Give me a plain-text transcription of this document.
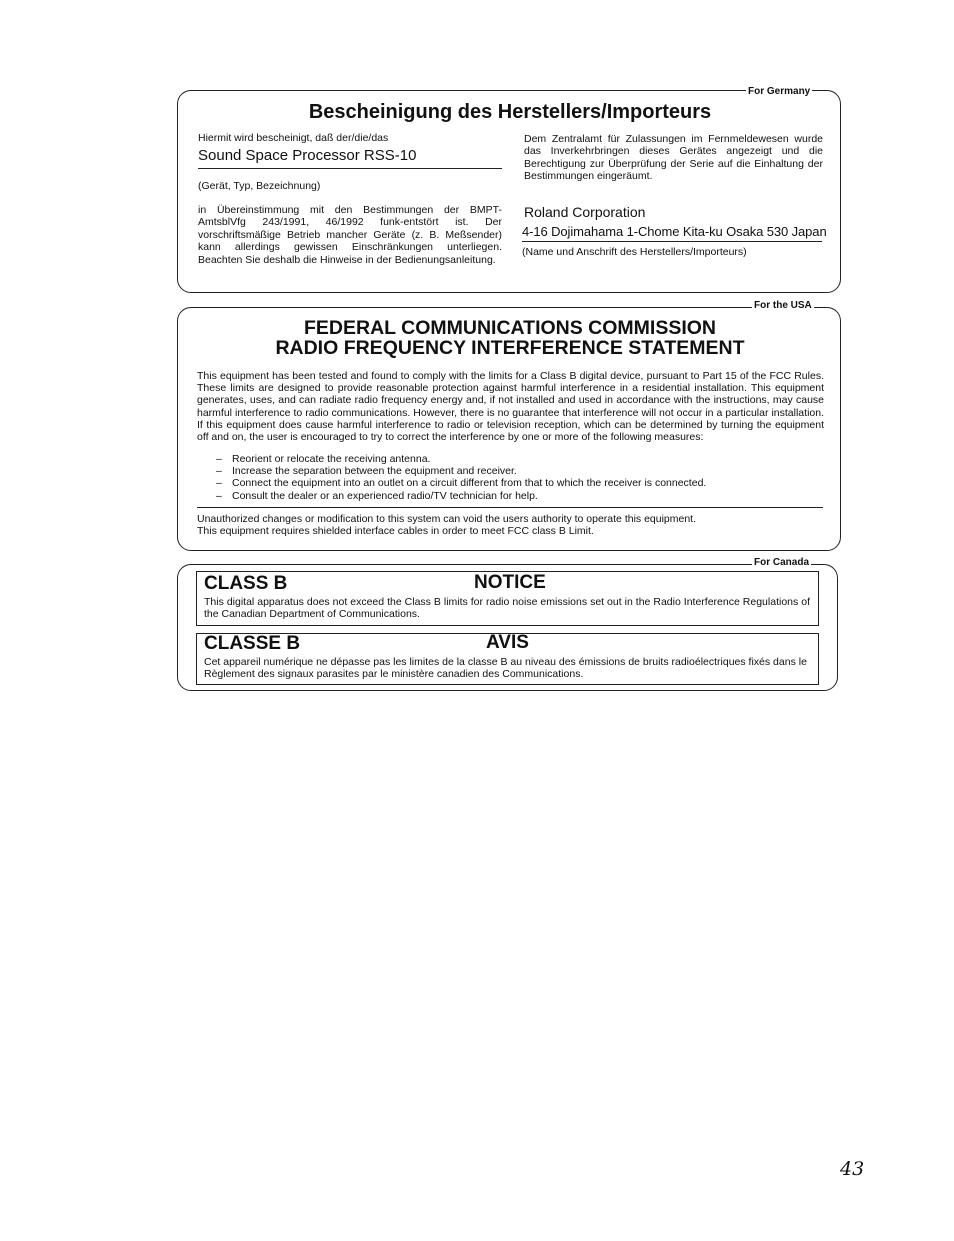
For Germany
Bescheinigung des Herstellers/Importeurs
Hiermit wird bescheinigt, daß der/die/das
Sound Space Processor RSS-10
(Gerät, Typ, Bezeichnung)
in Übereinstimmung mit den Bestimmungen der BMPT-AmtsblVfg 243/1991, 46/1992 funk-entstört ist. Der vorschriftsmäßige Betrieb mancher Geräte (z. B. Meßsender) kann allerdings gewissen Einschränkungen unterliegen. Beachten Sie deshalb die Hinweise in der Bedienungsanleitung.
Dem Zentralamt für Zulassungen im Fernmeldewesen wurde das Inverkehrbringen dieses Gerätes angezeigt und die Berechtigung zur Überprüfung der Serie auf die Einhaltung der Bestimmungen eingeräumt.
Roland Corporation
4-16 Dojimahama 1-Chome Kita-ku Osaka 530 Japan
(Name und Anschrift des Herstellers/Importeurs)
For the USA
FEDERAL COMMUNICATIONS COMMISSION
RADIO FREQUENCY INTERFERENCE STATEMENT
This equipment has been tested and found to comply with the limits for a Class B digital device, pursuant to Part 15 of the FCC Rules. These limits are designed to provide reasonable protection against harmful interference in a residential installation. This equipment generates, uses, and can radiate radio frequency energy and, if not installed and used in accordance with the instructions, may cause harmful interference to radio communications. However, there is no guarantee that interference will not occur in a particular installation. If this equipment does cause harmful interference to radio or television reception, which can be determined by turning the equipment off and on, the user is encouraged to try to correct the interference by one or more of the following measures:
– Reorient or relocate the receiving antenna.
– Increase the separation between the equipment and receiver.
– Connect the equipment into an outlet on a circuit different from that to which the receiver is connected.
– Consult the dealer or an experienced radio/TV technician for help.
Unauthorized changes or modification to this system can void the users authority to operate this equipment.
This equipment requires shielded interface cables in order to meet FCC class B Limit.
For Canada
CLASS B	NOTICE
This digital apparatus does not exceed the Class B limits for radio noise emissions set out in the Radio Interference Regulations of the Canadian Department of Communications.
CLASSE B	AVIS
Cet appareil numérique ne dépasse pas les limites de la classe B au niveau des émissions de bruits radioélectriques fixés dans le Règlement des signaux parasites par le ministère canadien des Communications.
43
